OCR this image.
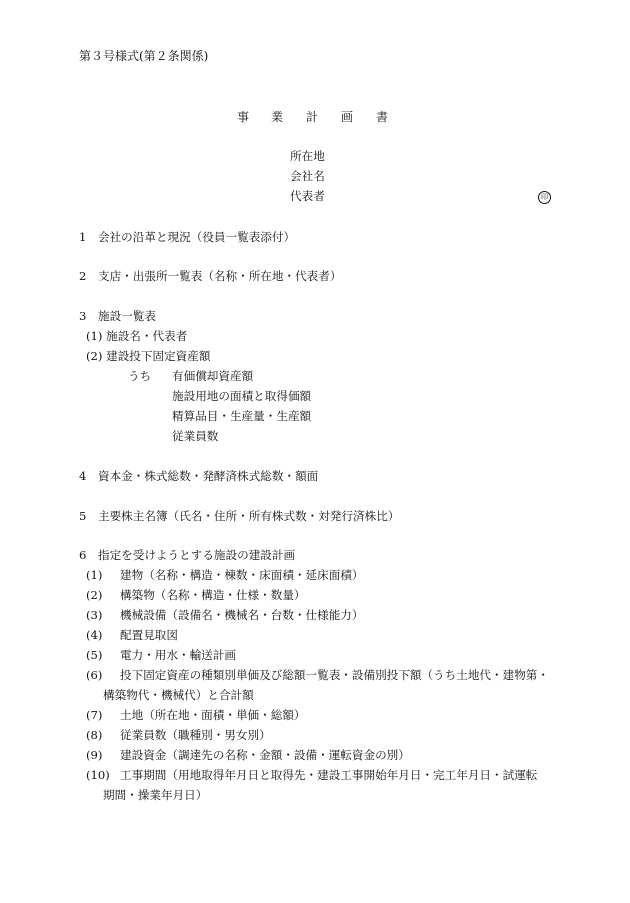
第３号様式(第２条関係)
事 業 計 画 書
所在地
会社名
代表者	印
1　会社の沿革と現況（役員一覧表添付）
2　支店・出張所一覧表（名称・所在地・代表者）
3　施設一覧表
(1) 施設名・代表者
(2) 建設投下固定資産額
うち 有価償却資産額
施設用地の面積と取得価額
精算品目・生産量・生産額
従業員数
4　資本金・株式総数・発酵済株式総数・額面
5　主要株主名簿（氏名・住所・所有株式数・対発行済株比）
6　指定を受けようとする施設の建設計画
(1) 建物（名称・構造・棟数・床面積・延床面積）
(2) 構築物（名称・構造・仕様・数量）
(3) 機械設備（設備名・機械名・台数・仕様能力）
(4) 配置見取図
(5) 電力・用水・輸送計画
(6) 投下固定資産の種類別単価及び総額一覧表・設備別投下額（うち土地代・建物第・
構築物代・機械代）と合計額
(7) 土地（所在地・面積・単価・総額）
(8) 従業員数（職種別・男女別）
(9) 建設資金（調達先の名称・金額・設備・運転資金の別）
(10) 工事期間（用地取得年月日と取得先・建設工事開始年月日・完工年月日・試運転
期間・操業年月日）
